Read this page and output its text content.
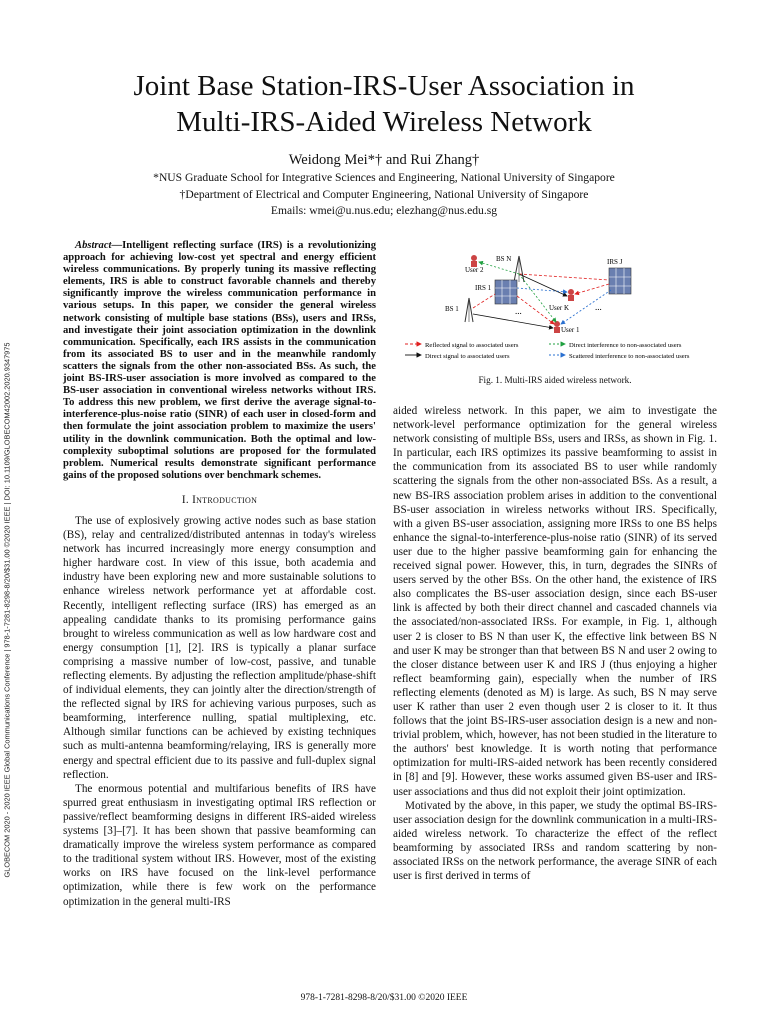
GLOBECOM 2020 - 2020 IEEE Global Communications Conference | 978-1-7281-8298-8/20/$31.00 ©2020 IEEE | DOI: 10.1109/GLOBECOM42002.2020.9347975
Joint Base Station-IRS-User Association in
Multi-IRS-Aided Wireless Network
Weidong Mei*† and Rui Zhang†
*NUS Graduate School for Integrative Sciences and Engineering, National University of Singapore
†Department of Electrical and Computer Engineering, National University of Singapore
Emails: wmei@u.nus.edu; elezhang@nus.edu.sg

Abstract—Intelligent reflecting surface (IRS) is a revolutionizing approach for achieving low-cost yet spectral and energy efficient wireless communications. By properly tuning its massive reflecting elements, IRS is able to construct favorable channels and thereby significantly improve the wireless communication performance in various setups. In this paper, we consider the general wireless network consisting of multiple base stations (BSs), users and IRSs, and investigate their joint association optimization in the downlink communication. Specifically, each IRS assists in the communication from its associated BS to user and in the meanwhile randomly scatters the signals from the other non-associated BSs. As such, the joint BS-IRS-user association is more involved as compared to the BS-user association in conventional wireless networks without IRS. To address this new problem, we first derive the average signal-to-interference-plus-noise ratio (SINR) of each user in closed-form and then formulate the joint association problem to maximize the users' utility in the downlink communication. Both the optimal and low-complexity suboptimal solutions are proposed for the formulated problem. Numerical results demonstrate significant performance gains of the proposed solutions over benchmark schemes.

I. Introduction

The use of explosively growing active nodes such as base station (BS), relay and centralized/distributed antennas in today's wireless network has incurred increasingly more energy consumption and higher hardware cost. In view of this issue, both academia and industry have been exploring new and more sustainable solutions to enhance wireless network performance yet at affordable cost. Recently, intelligent reflecting surface (IRS) has emerged as an appealing candidate thanks to its promising performance gains brought to wireless communication as well as low hardware cost and energy consumption [1], [2]. IRS is typically a planar surface comprising a massive number of low-cost, passive, and tunable reflecting elements. By adjusting the reflection amplitude/phase-shift of individual elements, they can jointly alter the direction/strength of the reflected signal by IRS for achieving various purposes, such as beamforming, interference nulling, spatial multiplexing, etc. Although similar functions can be achieved by existing techniques such as multi-antenna beamforming/relaying, IRS is generally more energy and spectral efficient due to its passive and full-duplex signal reflection.

The enormous potential and multifarious benefits of IRS have spurred great enthusiasm in investigating optimal IRS reflection or passive/reflect beamforming designs in different IRS-aided wireless systems [3]–[7]. It has been shown that passive beamforming can dramatically improve the wireless system performance as compared to the traditional system without IRS. However, most of the existing works on IRS have focused on the link-level performance optimization, while there is few work on the performance optimization in the general multi-IRS

BS N
User 2
IRS 1
IRS J
BS 1	User K
User 1
...	...
Reflected signal to associated users	Direct interference to non-associated users
Direct signal to associated users	Scattered interference to non-associated users
Fig. 1. Multi-IRS aided wireless network.

aided wireless network. In this paper, we aim to investigate the network-level performance optimization for the general wireless network consisting of multiple BSs, users and IRSs, as shown in Fig. 1. In particular, each IRS optimizes its passive beamforming to assist in the communication from its associated BS to user while randomly scattering the signals from the other non-associated BSs. As a result, a new BS-IRS association problem arises in addition to the conventional BS-user association in wireless networks without IRS. Specifically, with a given BS-user association, assigning more IRSs to one BS helps enhance the signal-to-interference-plus-noise ratio (SINR) of its served user due to the higher passive beamforming gain for enhancing the received signal power. However, this, in turn, degrades the SINRs of users served by the other BSs. On the other hand, the existence of IRS also complicates the BS-user association design, since each BS-user link is affected by both their direct channel and cascaded channels via the associated/non-associated IRSs. For example, in Fig. 1, although user 2 is closer to BS N than user K, the effective link between BS N and user K may be stronger than that between BS N and user 2 owing to the closer distance between user K and IRS J (thus enjoying a higher reflect beamforming gain), especially when the number of IRS reflecting elements (denoted as M) is large. As such, BS N may serve user K rather than user 2 even though user 2 is closer to it. It thus follows that the joint BS-IRS-user association design is a new and non-trivial problem, which, however, has not been studied in the literature to the authors' best knowledge. It is worth noting that performance optimization for multi-IRS-aided network has been recently considered in [8] and [9]. However, these works assumed given BS-user and IRS-user associations and thus did not exploit their joint optimization.

Motivated by the above, in this paper, we study the optimal BS-IRS-user association design for the downlink communication in a multi-IRS-aided wireless network. To characterize the effect of the reflect beamforming by associated IRSs and random scattering by non-associated IRSs on the network performance, the average SINR of each user is first derived in terms of

978-1-7281-8298-8/20/$31.00 ©2020 IEEE
